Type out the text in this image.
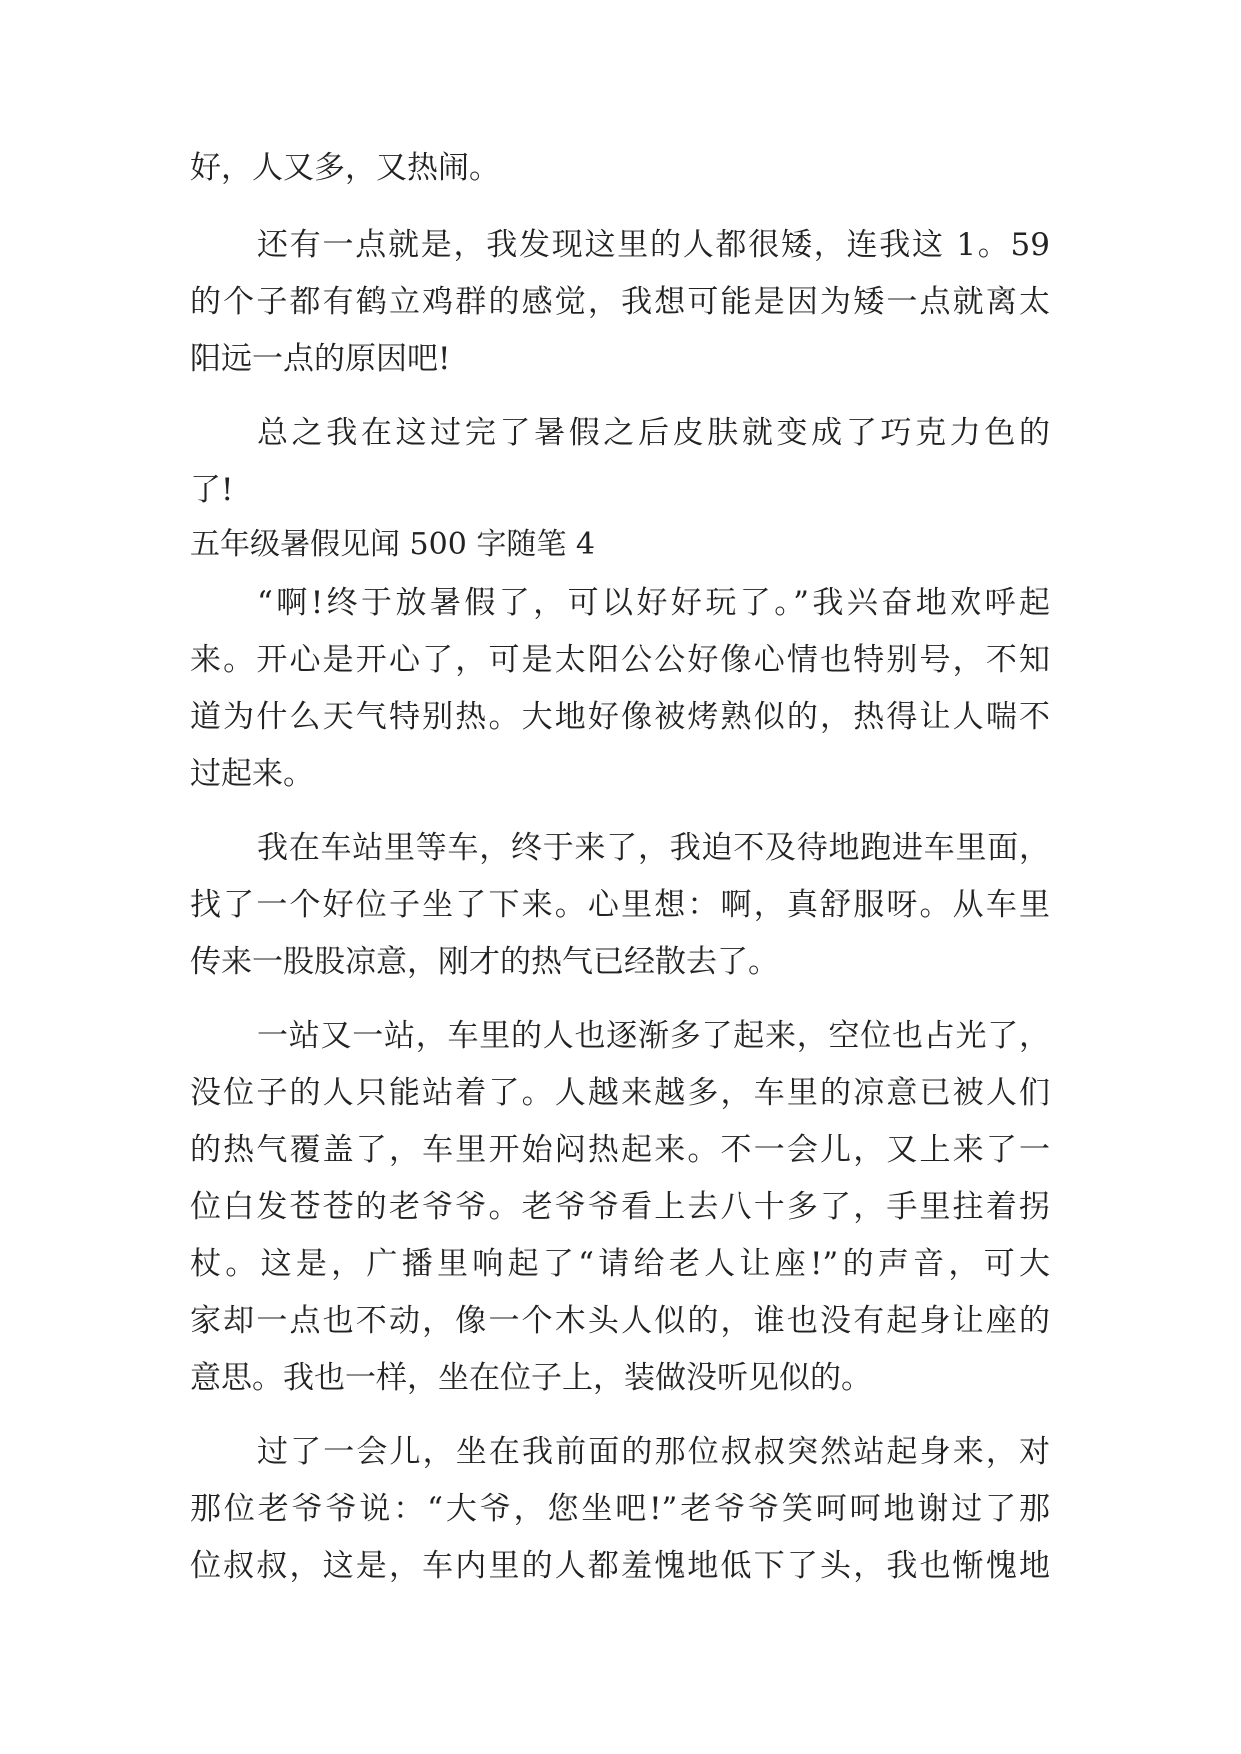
好，人又多，又热闹。
还有一点就是，我发现这里的人都很矮，连我这 1。59
的个子都有鹤立鸡群的感觉，我想可能是因为矮一点就离太
阳远一点的原因吧!
总之我在这过完了暑假之后皮肤就变成了巧克力色的
了!
五年级暑假见闻 500 字随笔 4
“啊!终于放暑假了，可以好好玩了。”我兴奋地欢呼起
来。开心是开心了，可是太阳公公好像心情也特别号，不知
道为什么天气特别热。大地好像被烤熟似的，热得让人喘不
过起来。
我在车站里等车，终于来了，我迫不及待地跑进车里面，
找了一个好位子坐了下来。心里想：啊，真舒服呀。从车里
传来一股股凉意，刚才的热气已经散去了。
一站又一站，车里的人也逐渐多了起来，空位也占光了，
没位子的人只能站着了。人越来越多，车里的凉意已被人们
的热气覆盖了，车里开始闷热起来。不一会儿，又上来了一
位白发苍苍的老爷爷。老爷爷看上去八十多了，手里拄着拐
杖。这是，广播里响起了“请给老人让座!”的声音，可大
家却一点也不动，像一个木头人似的，谁也没有起身让座的
意思。我也一样，坐在位子上，装做没听见似的。
过了一会儿，坐在我前面的那位叔叔突然站起身来，对
那位老爷爷说：“大爷，您坐吧!”老爷爷笑呵呵地谢过了那
位叔叔，这是，车内里的人都羞愧地低下了头，我也惭愧地
